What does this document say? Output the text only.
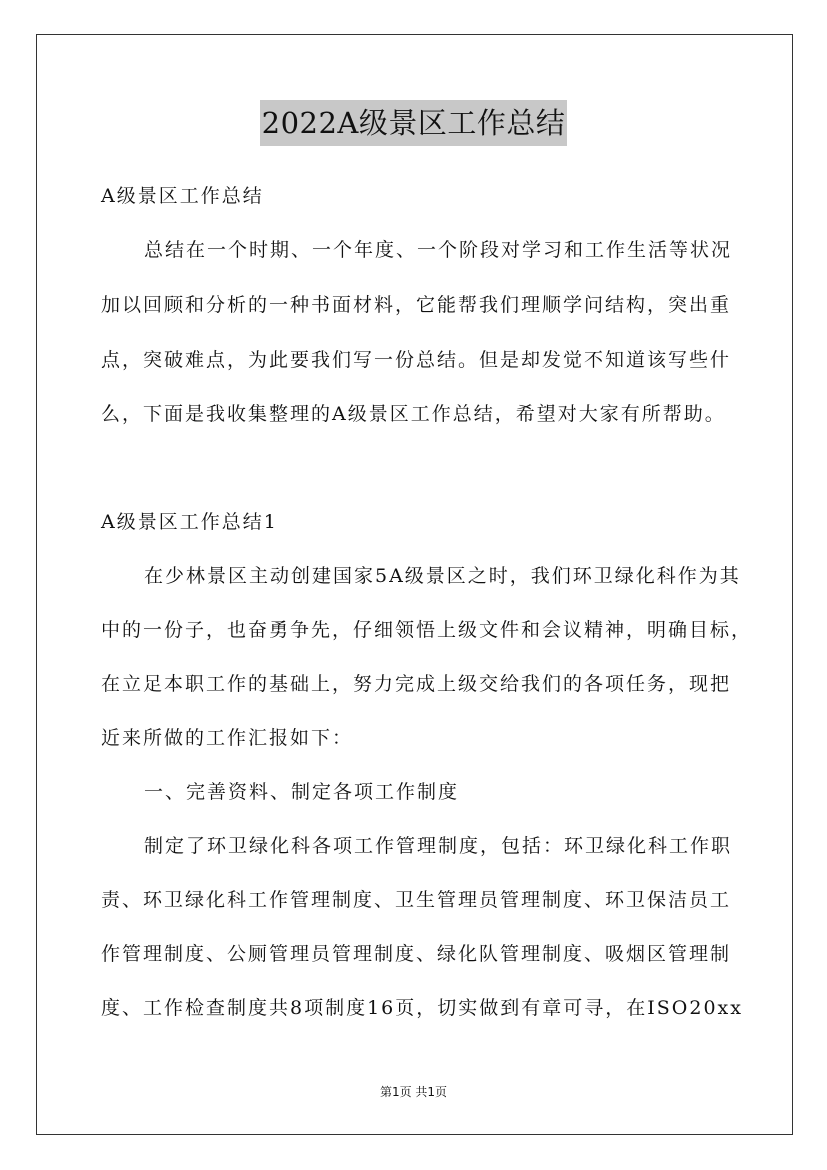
2022A级景区工作总结
A级景区工作总结
总结在一个时期、一个年度、一个阶段对学习和工作生活等状况
加以回顾和分析的一种书面材料，它能帮我们理顺学问结构，突出重
点，突破难点，为此要我们写一份总结。但是却发觉不知道该写些什
么，下面是我收集整理的A级景区工作总结，希望对大家有所帮助。
A级景区工作总结1
在少林景区主动创建国家5A级景区之时，我们环卫绿化科作为其
中的一份子，也奋勇争先，仔细领悟上级文件和会议精神，明确目标，
在立足本职工作的基础上，努力完成上级交给我们的各项任务，现把
近来所做的工作汇报如下：
一、完善资料、制定各项工作制度
制定了环卫绿化科各项工作管理制度，包括：环卫绿化科工作职
责、环卫绿化科工作管理制度、卫生管理员管理制度、环卫保洁员工
作管理制度、公厕管理员管理制度、绿化队管理制度、吸烟区管理制
度、工作检查制度共8项制度16页，切实做到有章可寻，在ISO20xx
第1页 共1页
